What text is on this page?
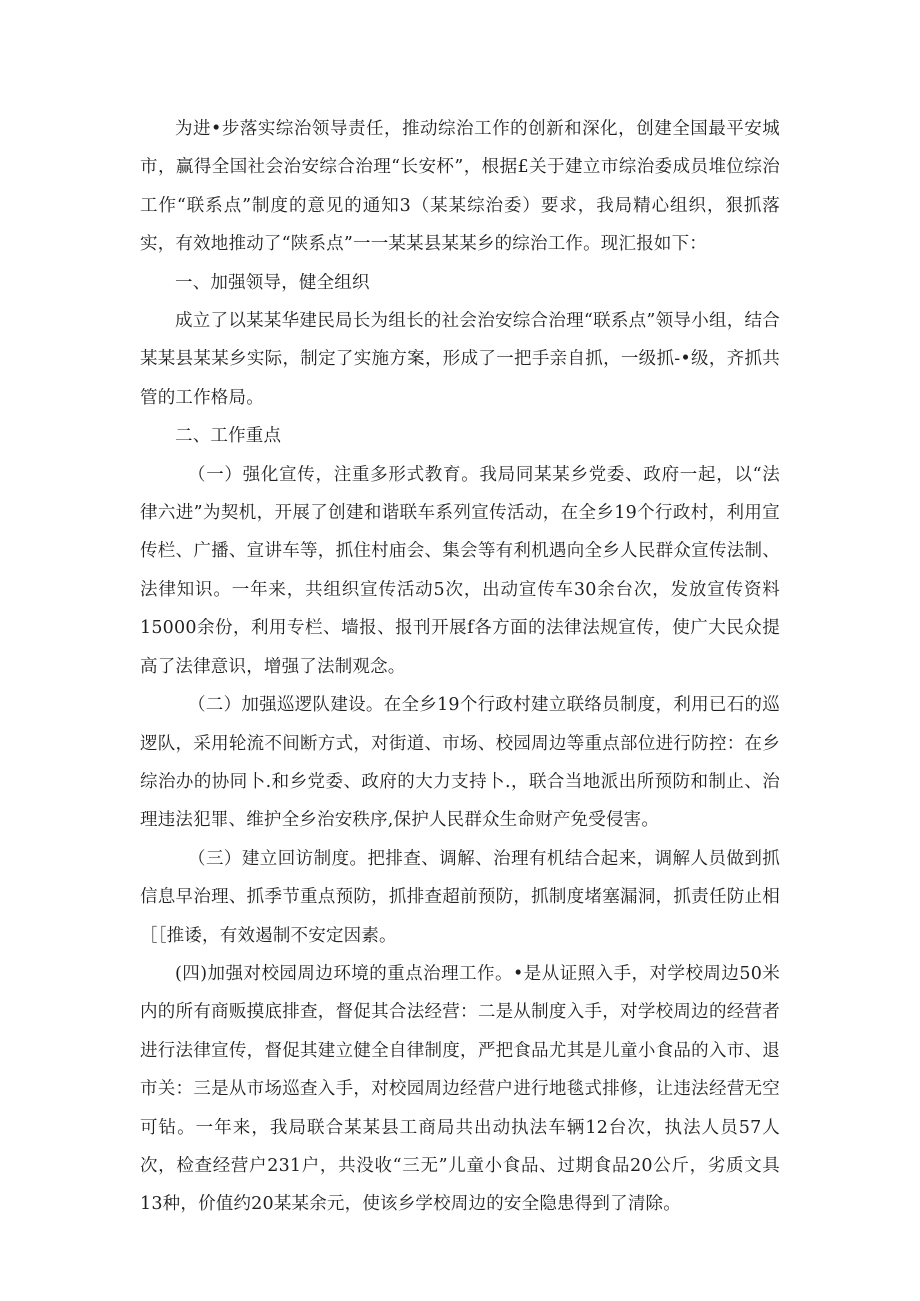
为进•步落实综治领导责任，推动综治工作的创新和深化，创建全国最平安城市，赢得全国社会治安综合治理“长安杯”，根据£关于建立市综治委成员堆位综治工作“联系点”制度的意见的通知3（某某综治委）要求，我局精心组织，狠抓落实，有效地推动了“陕系点”一一某某县某某乡的综治工作。现汇报如下：

一、加强领导，健全组织

成立了以某某华建民局长为组长的社会治安综合治理“联系点”领导小组，结合某某县某某乡实际，制定了实施方案，形成了一把手亲自抓，一级抓-•级，齐抓共管的工作格局。

二、工作重点

（一）强化宣传，注重多形式教育。我局同某某乡党委、政府一起，以“法律六进”为契机，开展了创建和谐联车系列宣传活动，在全乡19个行政村，利用宣传栏、广播、宣讲车等，抓住村庙会、集会等有利机遇向全乡人民群众宣传法制、法律知识。一年来，共组织宣传活动5次，出动宣传车30余台次，发放宣传资料15000余份，利用专栏、墙报、报刊开展f各方面的法律法规宣传，使广大民众提高了法律意识，增强了法制观念。

（二）加强巡逻队建设。在全乡19个行政村建立联络员制度，利用已石的巡逻队，采用轮流不间断方式，对街道、市场、校园周边等重点部位进行防控：在乡综治办的协同卜.和乡党委、政府的大力支持卜.，联合当地派出所预防和制止、治理违法犯罪、维护全乡治安秩序,保护人民群众生命财产免受侵害。

（三）建立回访制度。把排查、调解、治理有机结合起来，调解人员做到抓信息早治理、抓季节重点预防，抓排查超前预防，抓制度堵塞漏洞，抓责任防止相［［推诿，有效遏制不安定因素。

(四)加强对校园周边环境的重点治理工作。•是从证照入手，对学校周边50米内的所有商贩摸底排查，督促其合法经营：二是从制度入手，对学校周边的经营者进行法律宣传，督促其建立健全自律制度，严把食品尤其是儿童小食品的入市、退市关：三是从市场巡查入手，对校园周边经营户进行地毯式排修，让违法经营无空可钻。一年来，我局联合某某县工商局共出动执法车辆12台次，执法人员57人次，检查经营户231户，共没收“三无”儿童小食品、过期食品20公斤，劣质文具13种，价值约20某某余元，使该乡学校周边的安全隐患得到了清除。
